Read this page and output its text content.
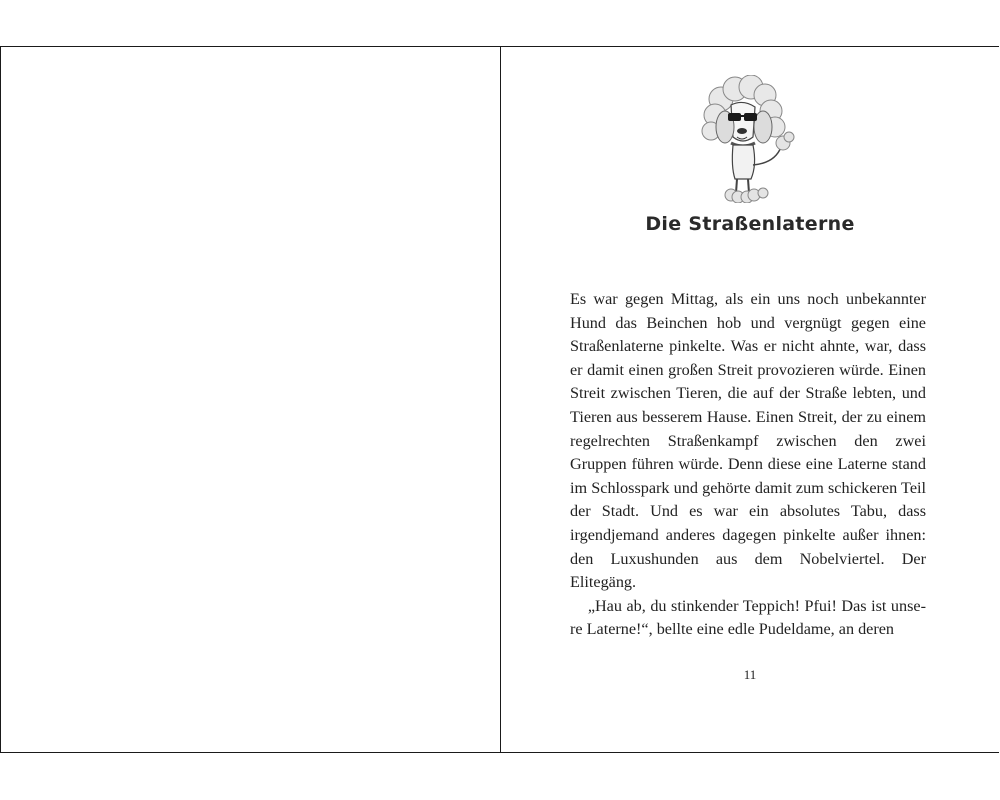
Die Straßenlaterne

Es war gegen Mittag, als ein uns noch unbekannter Hund das Beinchen hob und vergnügt gegen eine Straßenlaterne pinkelte. Was er nicht ahnte, war, dass er damit einen großen Streit provozieren würde. Einen Streit zwischen Tieren, die auf der Straße lebten, und Tieren aus besserem Hause. Einen Streit, der zu einem regelrechten Straßenkampf zwischen den zwei Gruppen führen würde. Denn diese eine Laterne stand im Schlosspark und gehörte damit zum schickeren Teil der Stadt. Und es war ein absolutes Tabu, dass irgendjemand anderes dagegen pinkelte außer ihnen: den Luxushunden aus dem Nobelviertel. Der Elitegäng.

„Hau ab, du stinkender Teppich! Pfui! Das ist unsere Laterne!“, bellte eine edle Pudeldame, an deren

11
